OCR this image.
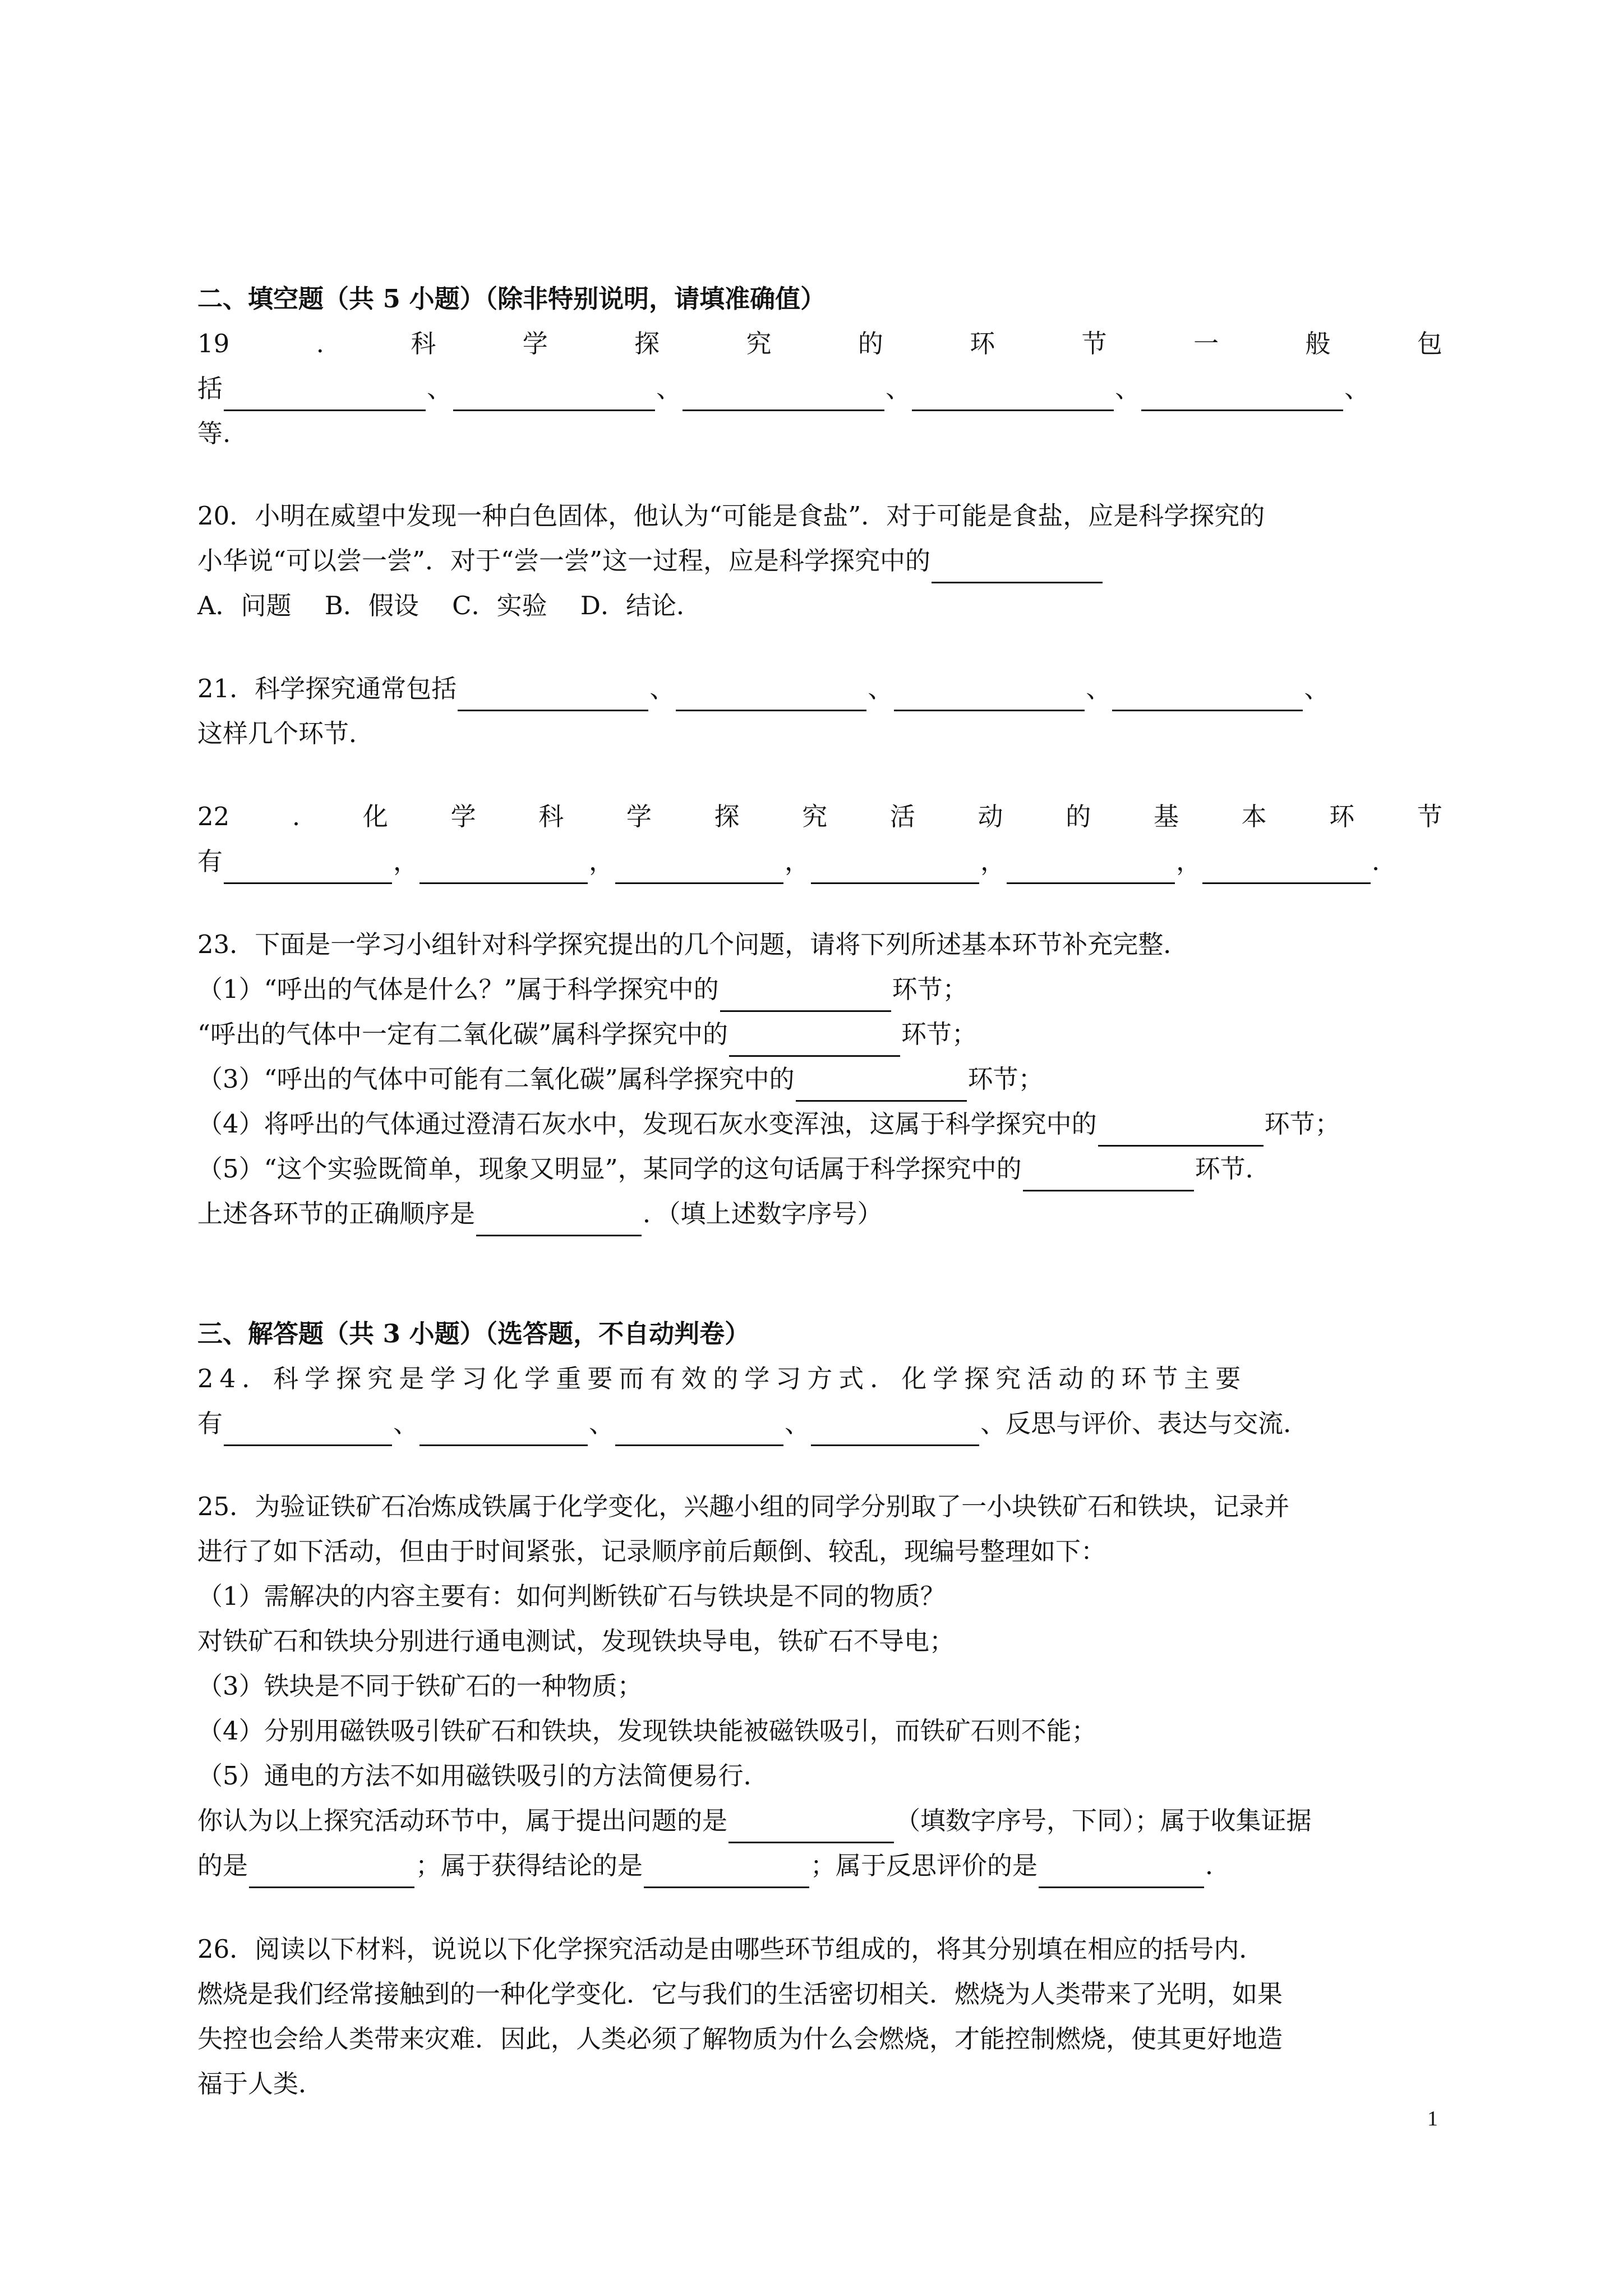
二、填空题（共 5 小题）（除非特别说明，请填准确值）
19	.	科	学	探	究	的	环	节	一	般	包
括	、	、	、	、	、
等.
20．小明在威望中发现一种白色固体，他认为“可能是食盐”．对于可能是食盐，应是科学探究的
小华说“可以尝一尝”．对于“尝一尝”这一过程，应是科学探究中的
A．问题　 B．假设　 C．实验　 D．结论．
21．科学探究通常包括	、	、	、	、
这样几个环节．
22 . 化 学 科 学 探 究 活 动 的 基 本 环 节
有	，	，	，	，	，	．
23．下面是一学习小组针对科学探究提出的几个问题，请将下列所述基本环节补充完整．
（1）“呼出的气体是什么？”属于科学探究中的	环节；
“呼出的气体中一定有二氧化碳”属科学探究中的	环节；
（3）“呼出的气体中可能有二氧化碳”属科学探究中的	环节；
（4）将呼出的气体通过澄清石灰水中，发现石灰水变浑浊，这属于科学探究中的	环节；
（5）“这个实验既简单，现象又明显”，某同学的这句话属于科学探究中的	环节．
上述各环节的正确顺序是	．（填上述数字序号）
三、解答题（共 3 小题）（选答题，不自动判卷）
24．科学探究是学习化学重要而有效的学习方式．化学探究活动的环节主要
有	、	、	、	、反思与评价、表达与交流．
25．为验证铁矿石冶炼成铁属于化学变化，兴趣小组的同学分别取了一小块铁矿石和铁块，记录并
进行了如下活动，但由于时间紧张，记录顺序前后颠倒、较乱，现编号整理如下：
（1）需解决的内容主要有：如何判断铁矿石与铁块是不同的物质？
对铁矿石和铁块分别进行通电测试，发现铁块导电，铁矿石不导电；
（3）铁块是不同于铁矿石的一种物质；
（4）分别用磁铁吸引铁矿石和铁块，发现铁块能被磁铁吸引，而铁矿石则不能；
（5）通电的方法不如用磁铁吸引的方法简便易行．
你认为以上探究活动环节中，属于提出问题的是	（填数字序号，下同）；属于收集证据
的是	；属于获得结论的是	；属于反思评价的是	．
26．阅读以下材料，说说以下化学探究活动是由哪些环节组成的，将其分别填在相应的括号内．
燃烧是我们经常接触到的一种化学变化．它与我们的生活密切相关．燃烧为人类带来了光明，如果
失控也会给人类带来灾难．因此，人类必须了解物质为什么会燃烧，才能控制燃烧，使其更好地造
福于人类．
1
